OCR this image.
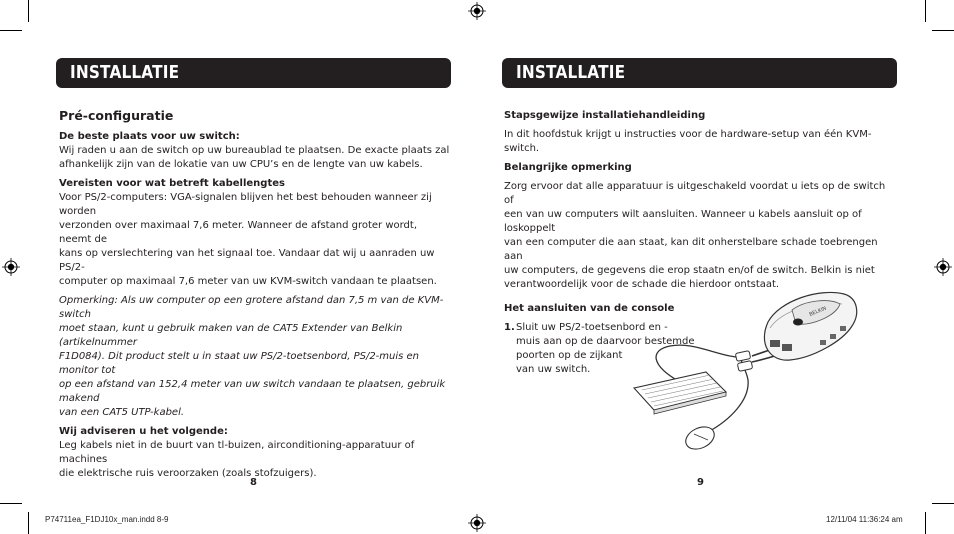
INSTALLATIE

Pré-configuratie

De beste plaats voor uw switch:

Wij raden u aan de switch op uw bureaublad te plaatsen. De exacte plaats zal

afhankelijk zijn van de lokatie van uw CPU’s en de lengte van uw kabels.

Vereisten voor wat betreft kabellengtes

Voor PS/2-computers: VGA-signalen blijven het best behouden wanneer zij worden

verzonden over maximaal 7,6 meter. Wanneer de afstand groter wordt, neemt de

kans op verslechtering van het signaal toe. Vandaar dat wij u aanraden uw PS/2-

computer op maximaal 7,6 meter van uw KVM-switch vandaan te plaatsen.

Opmerking: Als uw computer op een grotere afstand dan 7,5 m van de KVM-switch

moet staan, kunt u gebruik maken van de CAT5 Extender van Belkin (artikelnummer

F1D084). Dit product stelt u in staat uw PS/2-toetsenbord, PS/2-muis en monitor tot

op een afstand van 152,4 meter van uw switch vandaan te plaatsen, gebruik makend

van een CAT5 UTP-kabel.

Wij adviseren u het volgende:

Leg kabels niet in de buurt van tl-buizen, airconditioning-apparatuur of machines

die elektrische ruis veroorzaken (zoals stofzuigers).

8
INSTALLATIE

Stapsgewijze installatiehandleiding

In dit hoofdstuk krijgt u instructies voor de hardware-setup van één KVM-switch.

Belangrijke opmerking

Zorg ervoor dat alle apparatuur is uitgeschakeld voordat u iets op de switch of

een van uw computers wilt aansluiten. Wanneer u kabels aansluit op of loskoppelt

van een computer die aan staat, kan dit onherstelbare schade toebrengen aan

uw computers, de gegevens die erop staatn en/of de switch. Belkin is niet

verantwoordelijk voor de schade die hierdoor ontstaat.

Het aansluiten van de console

1. Sluit uw PS/2-toetsenbord en -

muis aan op de daarvoor bestemde

poorten op de zijkant

van uw switch.

BELKIN
9
P74711ea_F1DJ10x_man.indd 8-9	12/11/04 11:36:24 am
